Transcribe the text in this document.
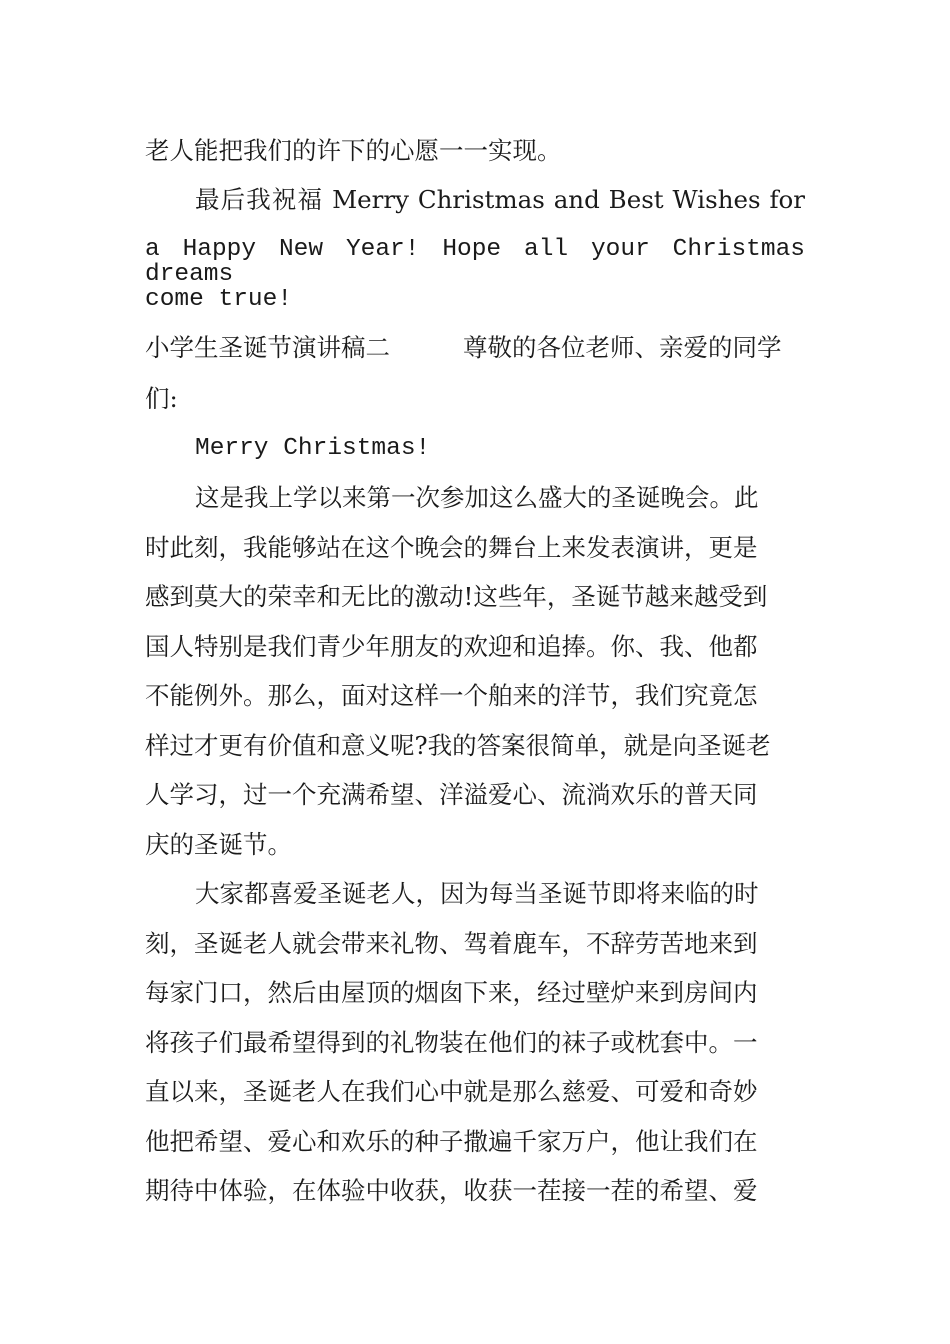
老人能把我们的许下的心愿一一实现。
最后我祝福 Merry Christmas and Best Wishes for
a Happy New Year! Hope all your Christmas dreams
come true!
小学生圣诞节演讲稿二	尊敬的各位老师、亲爱的同学
们:
Merry Christmas!
这是我上学以来第一次参加这么盛大的圣诞晚会。此
时此刻，我能够站在这个晚会的舞台上来发表演讲，更是
感到莫大的荣幸和无比的激动!这些年，圣诞节越来越受到
国人特别是我们青少年朋友的欢迎和追捧。你、我、他都
不能例外。那么，面对这样一个舶来的洋节，我们究竟怎
样过才更有价值和意义呢?我的答案很简单，就是向圣诞老
人学习，过一个充满希望、洋溢爱心、流淌欢乐的普天同
庆的圣诞节。
大家都喜爱圣诞老人，因为每当圣诞节即将来临的时
刻，圣诞老人就会带来礼物、驾着鹿车，不辞劳苦地来到
每家门口，然后由屋顶的烟囱下来，经过壁炉来到房间内
将孩子们最希望得到的礼物装在他们的袜子或枕套中。一
直以来，圣诞老人在我们心中就是那么慈爱、可爱和奇妙
他把希望、爱心和欢乐的种子撒遍千家万户，他让我们在
期待中体验，在体验中收获，收获一茬接一茬的希望、爱
